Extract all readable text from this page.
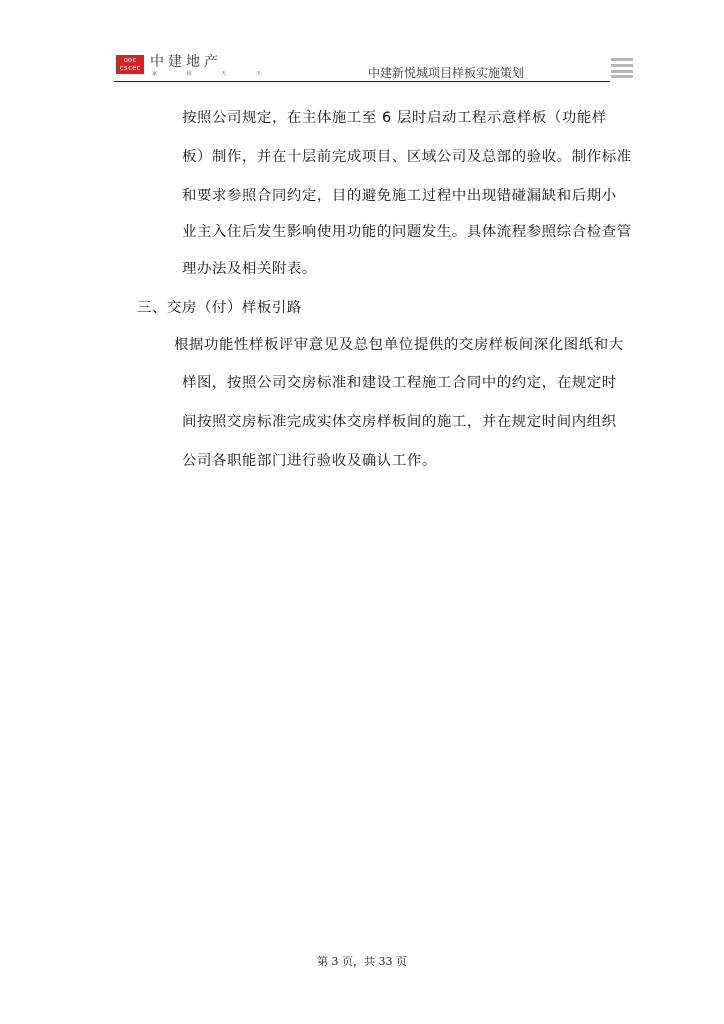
ooc
cscec 中建地产
家 园 天 下	中建新悦城项目样板实施策划
按照公司规定，在主体施工至 6 层时启动工程示意样板（功能样
板）制作，并在十层前完成项目、区域公司及总部的验收。制作标准
和要求参照合同约定，目的避免施工过程中出现错碰漏缺和后期小
业主入住后发生影响使用功能的问题发生。具体流程参照综合检查管
理办法及相关附表。
三、交房（付）样板引路
根据功能性样板评审意见及总包单位提供的交房样板间深化图纸和大
样图，按照公司交房标准和建设工程施工合同中的约定，在规定时
间按照交房标准完成实体交房样板间的施工，并在规定时间内组织
公司各职能部门进行验收及确认工作。
第 3 页，共 33 页
